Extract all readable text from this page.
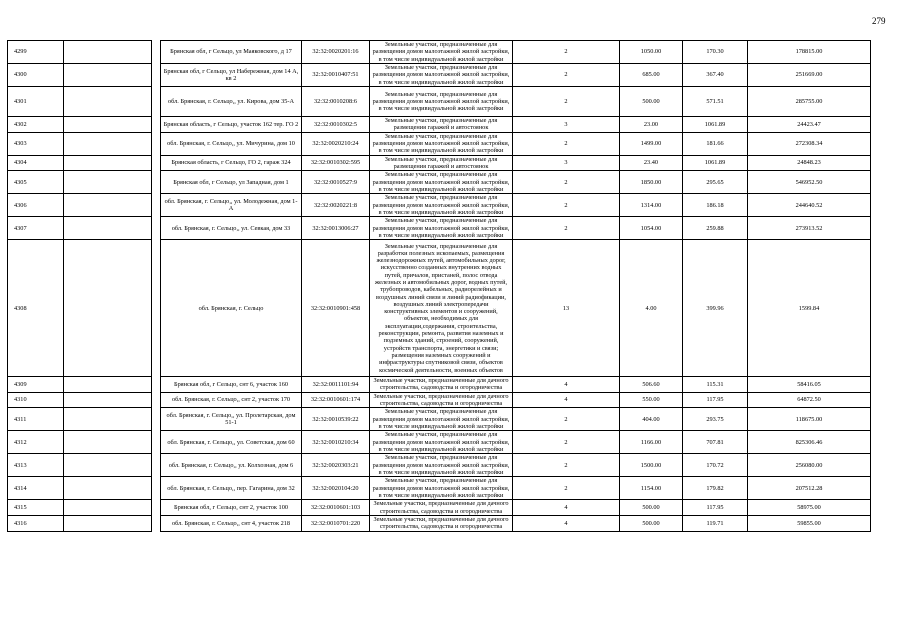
279
4299			Брянская обл, г Сельцо, ул Маяковского, д 17	32:32:0020201:16	Земельные участки, предназначенные для размещения домов малоэтажной жилой застройки, в том числе индивидуальной жилой застройки	2	1050.00	170.30	178815.00
4300			Брянская обл, г Сельцо, ул Набережная, дом 14 А, кв 2	32:32:0010407:51	Земельные участки, предназначенные для размещения домов малоэтажной жилой застройки, в том числе индивидуальной жилой застройки	2	685.00	367.40	251669.00
4301			обл. Брянская, г. Сельцо,, ул. Кирова, дом 35-А	32:32:0010208:6	Земельные участки, предназначенные для размещения домов малоэтажной жилой застройки, в том числе индивидуальной жилой застройки	2	500.00	571.51	285755.00
4302			Брянская область, г Сельцо, участок 162 тер. ГО 2	32:32:0010302:5	Земельные участки, предназначенные для размещения гаражей и автостоянок	3	23.00	1061.89	24423.47
4303			обл. Брянская, г. Сельцо,, ул. Мичурина, дом 10	32:32:0020210:24	Земельные участки, предназначенные для размещения домов малоэтажной жилой застройки, в том числе индивидуальной жилой застройки	2	1499.00	181.66	272308.34
4304			Брянская область, г Сельцо, ГО 2, гараж 324	32:32:0010302:595	Земельные участки, предназначенные для размещения гаражей и автостоянок	3	23.40	1061.89	24848.23
4305			Брянская обл, г Сельцо, ул Западная, дом 1	32:32:0010527:9	Земельные участки, предназначенные для размещения домов малоэтажной жилой застройки, в том числе индивидуальной жилой застройки	2	1850.00	295.65	546952.50
4306			обл. Брянская, г. Сельцо,, ул. Молодежная, дом 1-А	32:32:0020221:8	Земельные участки, предназначенные для размещения домов малоэтажной жилой застройки, в том числе индивидуальной жилой застройки	2	1314.00	186.18	244640.52
4307			обл. Брянская, г. Сельцо,, ул. Севкая, дом 33	32:32:0013006:27	Земельные участки, предназначенные для размещения домов малоэтажной жилой застройки, в том числе индивидуальной жилой застройки	2	1054.00	259.88	273913.52
4308			обл. Брянская, г. Сельцо	32:32:0010901:458	Земельные участки, предназначенные для разработки полезных ископаемых, размещения железнодорожных путей, автомобильных дорог, искусственно созданных внутренних водных путей, причалов, пристаней, полос отвода железных и автомобильных дорог, водных путей, трубопроводов, кабельных, радиорелейных и воздушных линий связи и линий радиофикации, воздушных линий электропередачи конструктивных элементов и сооружений, объектов, необходимых для эксплуатации,содержания, строительства, реконструкции, ремонта, развития наземных и подземных зданий, строений, сооружений, устройств транспорта, энергетики и связи; размещения наземных сооружений и инфраструктуры спутниковой связи, объектов космической деятельности, военных объектов	13	4.00	399.96	1599.84
4309			Брянская обл, г Сельцо, снт 6, участок 160	32:32:0011101:94	Земельные участки, предназначенные для дачного строительства, садоводства и огородничества	4	506.60	115.31	58416.05
4310			обл. Брянская, г. Сельцо,, снт 2, участок 170	32:32:0010601:174	Земельные участки, предназначенные для дачного строительства, садоводства и огородничества	4	550.00	117.95	64872.50
4311			обл. Брянская, г. Сельцо,, ул. Пролетарская, дом 51-1	32:32:0010539:22	Земельные участки, предназначенные для размещения домов малоэтажной жилой застройки, в том числе индивидуальной жилой застройки	2	404.00	293.75	118675.00
4312			обл. Брянская, г. Сельцо,, ул. Советская, дом 60	32:32:0010210:34	Земельные участки, предназначенные для размещения домов малоэтажной жилой застройки, в том числе индивидуальной жилой застройки	2	1166.00	707.81	825306.46
4313			обл. Брянская, г. Сельцо,, ул. Колхозная, дом 6	32:32:0020303:21	Земельные участки, предназначенные для размещения домов малоэтажной жилой застройки, в том числе индивидуальной жилой застройки	2	1500.00	170.72	256080.00
4314			обл. Брянская, г. Сельцо,, пер. Гагарина, дом 32	32:32:0020104:20	Земельные участки, предназначенные для размещения домов малоэтажной жилой застройки, в том числе индивидуальной жилой застройки	2	1154.00	179.82	207512.28
4315			Брянская обл, г Сельцо, снт 2, участок 100	32:32:0010601:103	Земельные участки, предназначенные для дачного строительства, садоводства и огородничества	4	500.00	117.95	58975.00
4316			обл. Брянская, г. Сельцо,, снт 4, участок 218	32:32:0010701:220	Земельные участки, предназначенные для дачного строительства, садоводства и огородничества	4	500.00	119.71	59855.00
